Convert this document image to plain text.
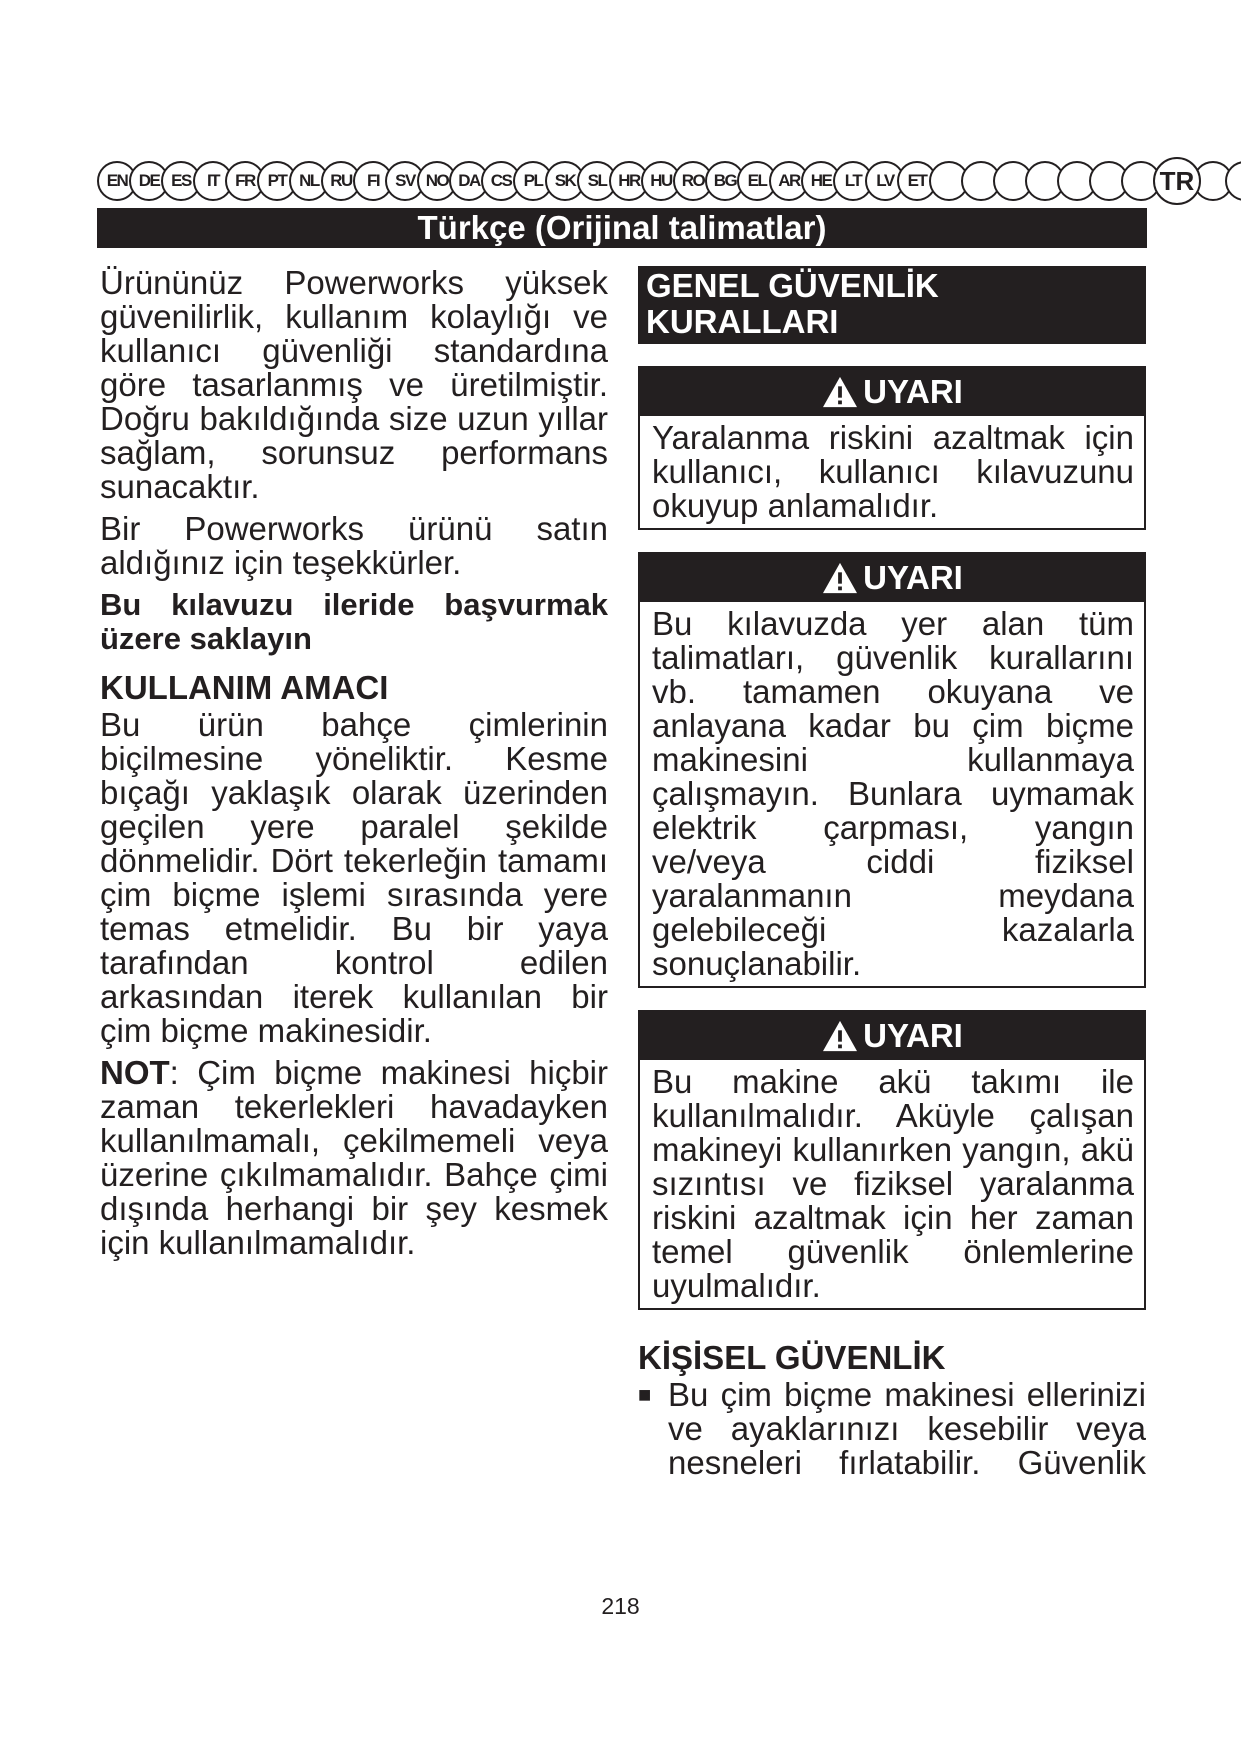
EN DE ES IT FR PT NL RU FI SV NO DA CS PL SK SL HR HU RO BG EL AR HE LT LV ET	TR
Türkçe (Orijinal talimatlar)

Ürününüz Powerworks yüksek güvenilirlik, kullanım kolaylığı ve kullanıcı güvenliği standardına göre tasarlanmış ve üretilmiştir. Doğru bakıldığında size uzun yıllar sağlam, sorunsuz performans sunacaktır.

Bir Powerworks ürünü satın aldığınız için teşekkürler.

Bu kılavuzu ileride başvurmak üzere saklayın

KULLANIM AMACI

Bu ürün bahçe çimlerinin biçilmesine yöneliktir. Kesme bıçağı yaklaşık olarak üzerinden geçilen yere paralel şekilde dönmelidir. Dört tekerleğin tamamı çim biçme işlemi sırasında yere temas etmelidir. Bu bir yaya tarafından kontrol edilen arkasından iterek kullanılan bir çim biçme makinesidir.

NOT: Çim biçme makinesi hiçbir zaman tekerlekleri havadayken kullanılmamalı, çekilmemeli veya üzerine çıkılmamalıdır. Bahçe çimi dışında herhangi bir şey kesmek için kullanılmamalıdır.

GENEL GÜVENLİK KURALLARI
UYARI
Yaralanma riskini azaltmak için kullanıcı, kullanıcı kılavuzunu okuyup anlamalıdır.
UYARI
Bu kılavuzda yer alan tüm talimatları, güvenlik kurallarını vb. tamamen okuyana ve anlayana kadar bu çim biçme makinesini kullanmaya çalışmayın. Bunlara uymamak elektrik çarpması, yangın ve/veya ciddi fiziksel yaralanmanın meydana gelebileceği kazalarla sonuçlanabilir.
UYARI
Bu makine akü takımı ile kullanılmalıdır. Aküyle çalışan makineyi kullanırken yangın, akü sızıntısı ve fiziksel yaralanma riskini azaltmak için her zaman temel güvenlik önlemlerine uyulmalıdır.
KİŞİSEL GÜVENLİK
■ Bu çim biçme makinesi ellerinizi ve ayaklarınızı kesebilir veya nesneleri fırlatabilir. Güvenlik
218
